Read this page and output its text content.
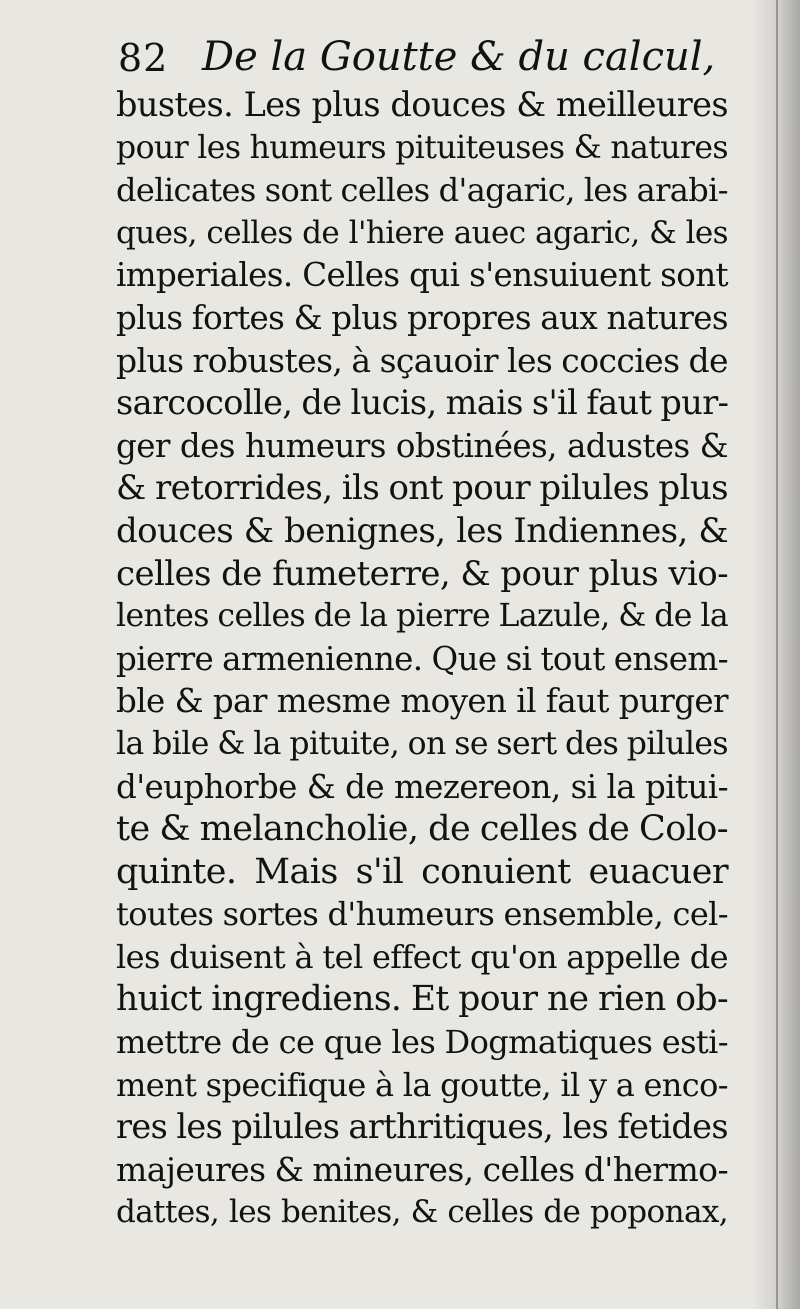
82 De la Goutte & du calcul,
bustes. Les plus douces & meilleures
pour les humeurs pituiteuses & natures
delicates sont celles d'agaric, les arabi-
ques, celles de l'hiere auec agaric, & les
imperiales. Celles qui s'ensuiuent sont
plus fortes & plus propres aux natures
plus robustes, à sçauoir les coccies de
sarcocolle, de lucis, mais s'il faut pur-
ger des humeurs obstinées, adustes &
& retorrides, ils ont pour pilules plus
douces & benignes, les Indiennes, &
celles de fumeterre, & pour plus vio-
lentes celles de la pierre Lazule, & de la
pierre armenienne. Que si tout ensem-
ble & par mesme moyen il faut purger
la bile & la pituite, on se sert des pilules
d'euphorbe & de mezereon, si la pitui-
te & melancholie, de celles de Colo-
quinte. Mais s'il conuient euacuer
toutes sortes d'humeurs ensemble, cel-
les duisent à tel effect qu'on appelle de
huict ingrediens. Et pour ne rien ob-
mettre de ce que les Dogmatiques esti-
ment specifique à la goutte, il y a enco-
res les pilules arthritiques, les fetides
majeures & mineures, celles d'hermo-
dattes, les benites, & celles de poponax,
